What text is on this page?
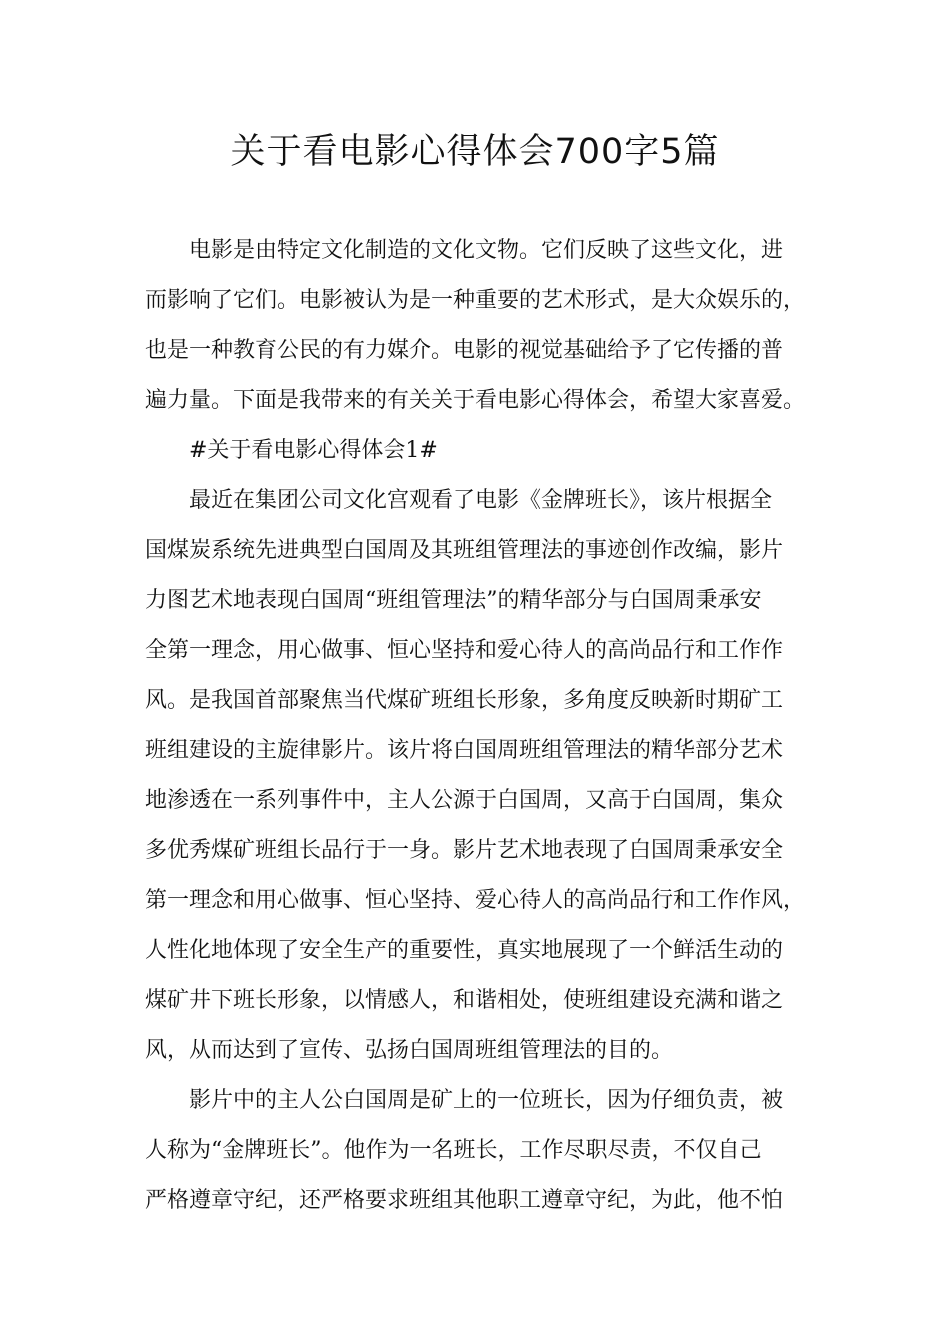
关于看电影心得体会700字5篇
电影是由特定文化制造的文化文物。它们反映了这些文化，进
而影响了它们。电影被认为是一种重要的艺术形式，是大众娱乐的，
也是一种教育公民的有力媒介。电影的视觉基础给予了它传播的普
遍力量。下面是我带来的有关关于看电影心得体会，希望大家喜爱。
#关于看电影心得体会1#
最近在集团公司文化宫观看了电影《金牌班长》，该片根据全
国煤炭系统先进典型白国周及其班组管理法的事迹创作改编，影片
力图艺术地表现白国周“班组管理法”的精华部分与白国周秉承安
全第一理念，用心做事、恒心坚持和爱心待人的高尚品行和工作作
风。是我国首部聚焦当代煤矿班组长形象，多角度反映新时期矿工
班组建设的主旋律影片。该片将白国周班组管理法的精华部分艺术
地渗透在一系列事件中，主人公源于白国周，又高于白国周，集众
多优秀煤矿班组长品行于一身。影片艺术地表现了白国周秉承安全
第一理念和用心做事、恒心坚持、爱心待人的高尚品行和工作作风，
人性化地体现了安全生产的重要性，真实地展现了一个鲜活生动的
煤矿井下班长形象，以情感人，和谐相处，使班组建设充满和谐之
风，从而达到了宣传、弘扬白国周班组管理法的目的。
影片中的主人公白国周是矿上的一位班长，因为仔细负责，被
人称为“金牌班长”。他作为一名班长，工作尽职尽责，不仅自己
严格遵章守纪，还严格要求班组其他职工遵章守纪，为此，他不怕
